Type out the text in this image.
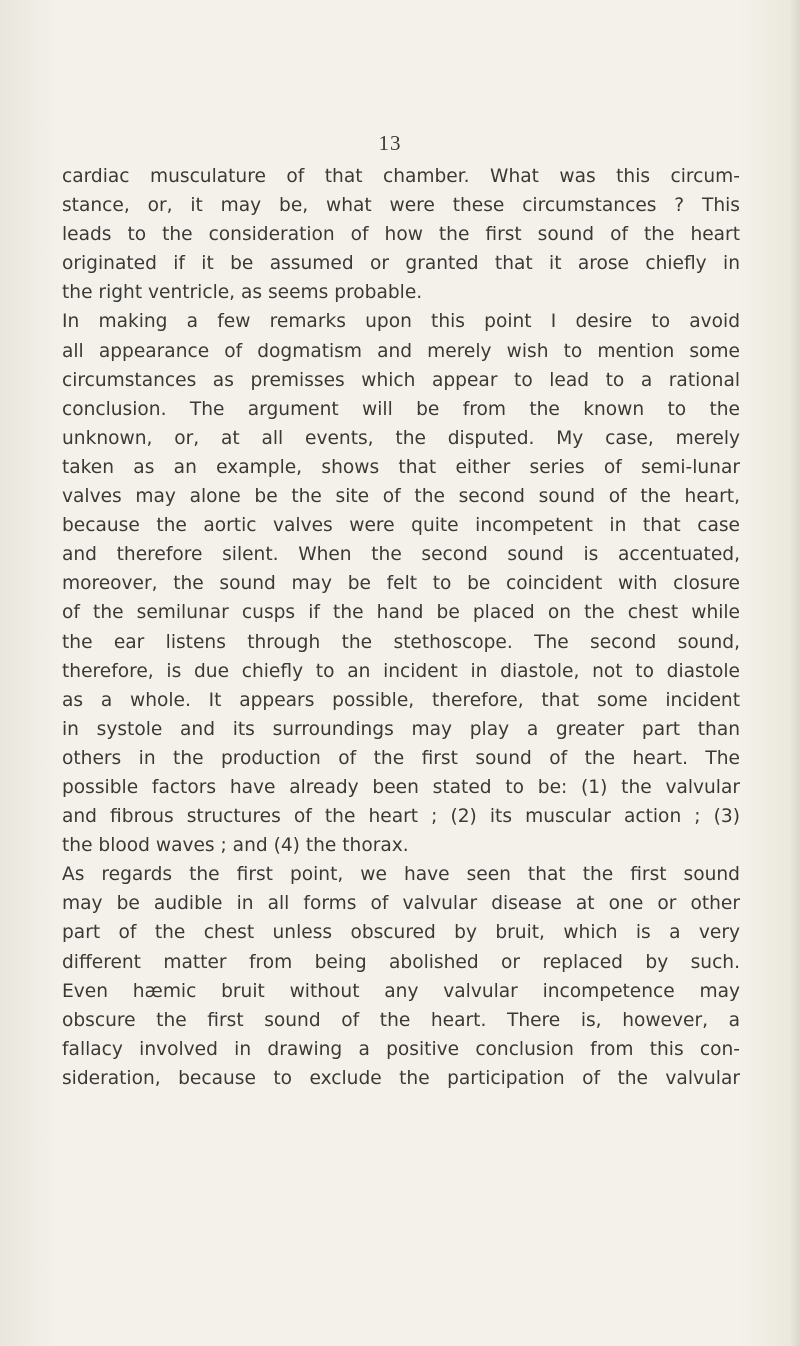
13
cardiac musculature of that chamber. What was this circum-
stance, or, it may be, what were these circumstances ? This
leads to the consideration of how the first sound of the heart
originated if it be assumed or granted that it arose chiefly in
the right ventricle, as seems probable.
In making a few remarks upon this point I desire to avoid
all appearance of dogmatism and merely wish to mention some
circumstances as premisses which appear to lead to a rational
conclusion. The argument will be from the known to the
unknown, or, at all events, the disputed. My case, merely
taken as an example, shows that either series of semi-lunar
valves may alone be the site of the second sound of the heart,
because the aortic valves were quite incompetent in that case
and therefore silent. When the second sound is accentuated,
moreover, the sound may be felt to be coincident with closure
of the semilunar cusps if the hand be placed on the chest while
the ear listens through the stethoscope. The second sound,
therefore, is due chiefly to an incident in diastole, not to diastole
as a whole. It appears possible, therefore, that some incident
in systole and its surroundings may play a greater part than
others in the production of the first sound of the heart. The
possible factors have already been stated to be: (1) the valvular
and fibrous structures of the heart ; (2) its muscular action ; (3)
the blood waves ; and (4) the thorax.
As regards the first point, we have seen that the first sound
may be audible in all forms of valvular disease at one or other
part of the chest unless obscured by bruit, which is a very
different matter from being abolished or replaced by such.
Even hæmic bruit without any valvular incompetence may
obscure the first sound of the heart. There is, however, a
fallacy involved in drawing a positive conclusion from this con-
sideration, because to exclude the participation of the valvular
